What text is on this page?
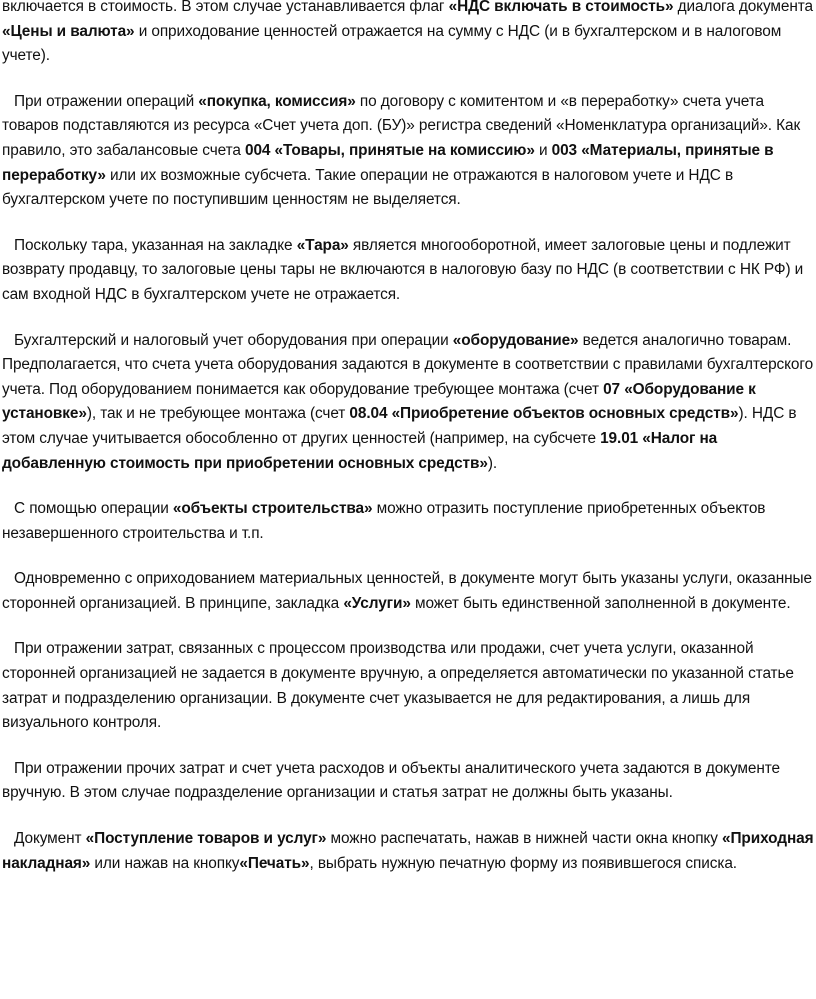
включается в стоимость. В этом случае устанавливается флаг «НДС включать в стоимость» диалога документа «Цены и валюта» и оприходование ценностей отражается на сумму с НДС (и в бухгалтерском и в налоговом учете).

При отражении операций «покупка, комиссия» по договору с комитентом и «в переработку» счета учета товаров подставляются из ресурса «Счет учета доп. (БУ)» регистра сведений «Номенклатура организаций». Как правило, это забалансовые счета 004 «Товары, принятые на комиссию» и 003 «Материалы, принятые в переработку» или их возможные субсчета. Такие операции не отражаются в налоговом учете и НДС в бухгалтерском учете по поступившим ценностям не выделяется.

Поскольку тара, указанная на закладке «Тара» является многооборотной, имеет залоговые цены и подлежит возврату продавцу, то залоговые цены тары не включаются в налоговую базу по НДС (в соответствии с НК РФ) и сам входной НДС в бухгалтерском учете не отражается.

Бухгалтерский и налоговый учет оборудования при операции «оборудование» ведется аналогично товарам. Предполагается, что счета учета оборудования задаются в документе в соответствии с правилами бухгалтерского учета. Под оборудованием понимается как оборудование требующее монтажа (счет 07 «Оборудование к установке»), так и не требующее монтажа (счет 08.04 «Приобретение объектов основных средств»). НДС в этом случае учитывается обособленно от других ценностей (например, на субсчете 19.01 «Налог на добавленную стоимость при приобретении основных средств»).

С помощью операции «объекты строительства» можно отразить поступление приобретенных объектов незавершенного строительства и т.п.

Одновременно с оприходованием материальных ценностей, в документе могут быть указаны услуги, оказанные сторонней организацией. В принципе, закладка «Услуги» может быть единственной заполненной в документе.

При отражении затрат, связанных с процессом производства или продажи, счет учета услуги, оказанной сторонней организацией не задается в документе вручную, а определяется автоматически по указанной статье затрат и подразделению организации. В документе счет указывается не для редактирования, а лишь для визуального контроля.

При отражении прочих затрат и счет учета расходов и объекты аналитического учета задаются в документе вручную. В этом случае подразделение организации и статья затрат не должны быть указаны.

Документ «Поступление товаров и услуг» можно распечатать, нажав в нижней части окна кнопку «Приходная накладная» или нажав на кнопку«Печать», выбрать нужную печатную форму из появившегося списка.
